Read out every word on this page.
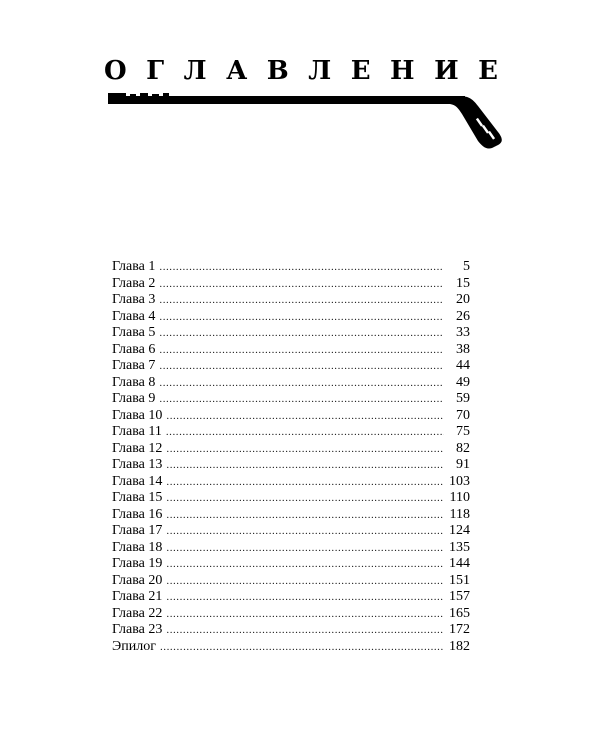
ОГЛАВЛЕНИЕ
Глава 1 . . .	5
Глава 2 . . .	15
Глава 3 . . .	20
Глава 4 . . .	26
Глава 5 . . .	33
Глава 6 . . .	38
Глава 7 . . .	44
Глава 8 . . .	49
Глава 9 . . .	59
Глава 10 . . .	70
Глава 11 . . .	75
Глава 12 . . .	82
Глава 13 . . .	91
Глава 14 . . .	103
Глава 15 . . .	110
Глава 16 . . .	118
Глава 17 . . .	124
Глава 18 . . .	135
Глава 19 . . .	144
Глава 20 . . .	151
Глава 21 . . .	157
Глава 22 . . .	165
Глава 23 . . .	172
Эпилог . . .	182
